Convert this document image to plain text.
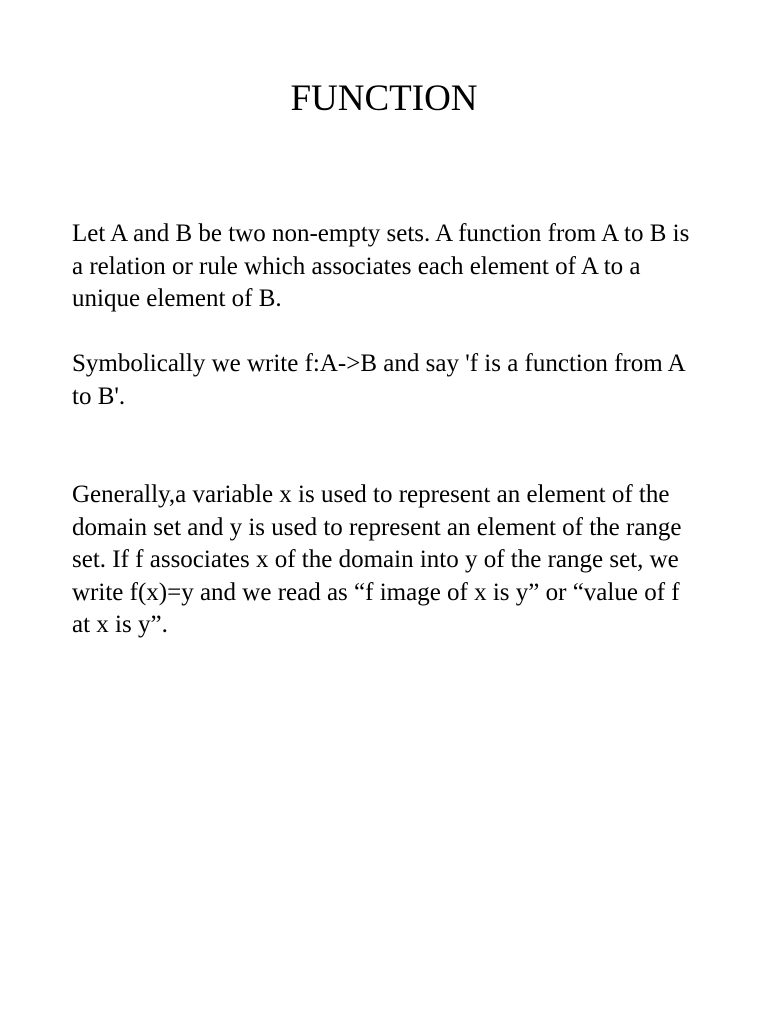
FUNCTION

Let A and B be two non-empty sets. A function from A to B is a relation or rule which associates each element of A to a unique element of B.

Symbolically we write f:A->B and say 'f is a function from A to B'.

Generally,a variable x is used to represent an element of the domain set and y is used to represent an element of the range set. If f associates x of the domain into y of the range set, we write f(x)=y and we read as “f image of x is y” or “value of f at x is y”.
